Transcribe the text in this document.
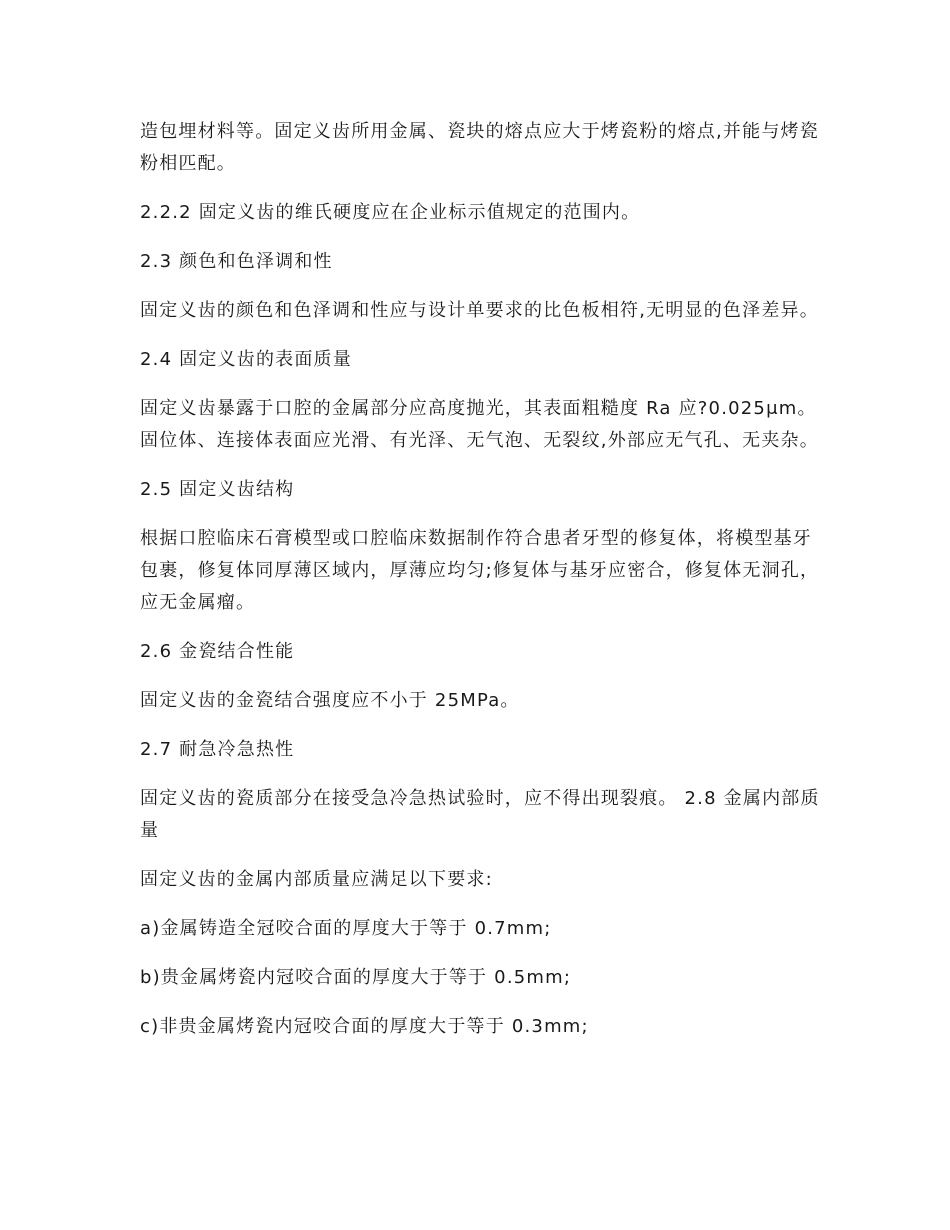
造包埋材料等。固定义齿所用金属、瓷块的熔点应大于烤瓷粉的熔点,并能与烤瓷粉相匹配。

2.2.2 固定义齿的维氏硬度应在企业标示值规定的范围内。

2.3 颜色和色泽调和性

固定义齿的颜色和色泽调和性应与设计单要求的比色板相符,无明显的色泽差异。

2.4 固定义齿的表面质量

固定义齿暴露于口腔的金属部分应高度抛光，其表面粗糙度 Ra 应?0.025μm。固位体、连接体表面应光滑、有光泽、无气泡、无裂纹,外部应无气孔、无夹杂。

2.5 固定义齿结构

根据口腔临床石膏模型或口腔临床数据制作符合患者牙型的修复体，将模型基牙包裹，修复体同厚薄区域内，厚薄应均匀;修复体与基牙应密合，修复体无洞孔，应无金属瘤。

2.6 金瓷结合性能

固定义齿的金瓷结合强度应不小于 25MPa。

2.7 耐急冷急热性

固定义齿的瓷质部分在接受急冷急热试验时，应不得出现裂痕。 2.8 金属内部质量

固定义齿的金属内部质量应满足以下要求:

a)金属铸造全冠咬合面的厚度大于等于 0.7mm;

b)贵金属烤瓷内冠咬合面的厚度大于等于 0.5mm;

c)非贵金属烤瓷内冠咬合面的厚度大于等于 0.3mm;
